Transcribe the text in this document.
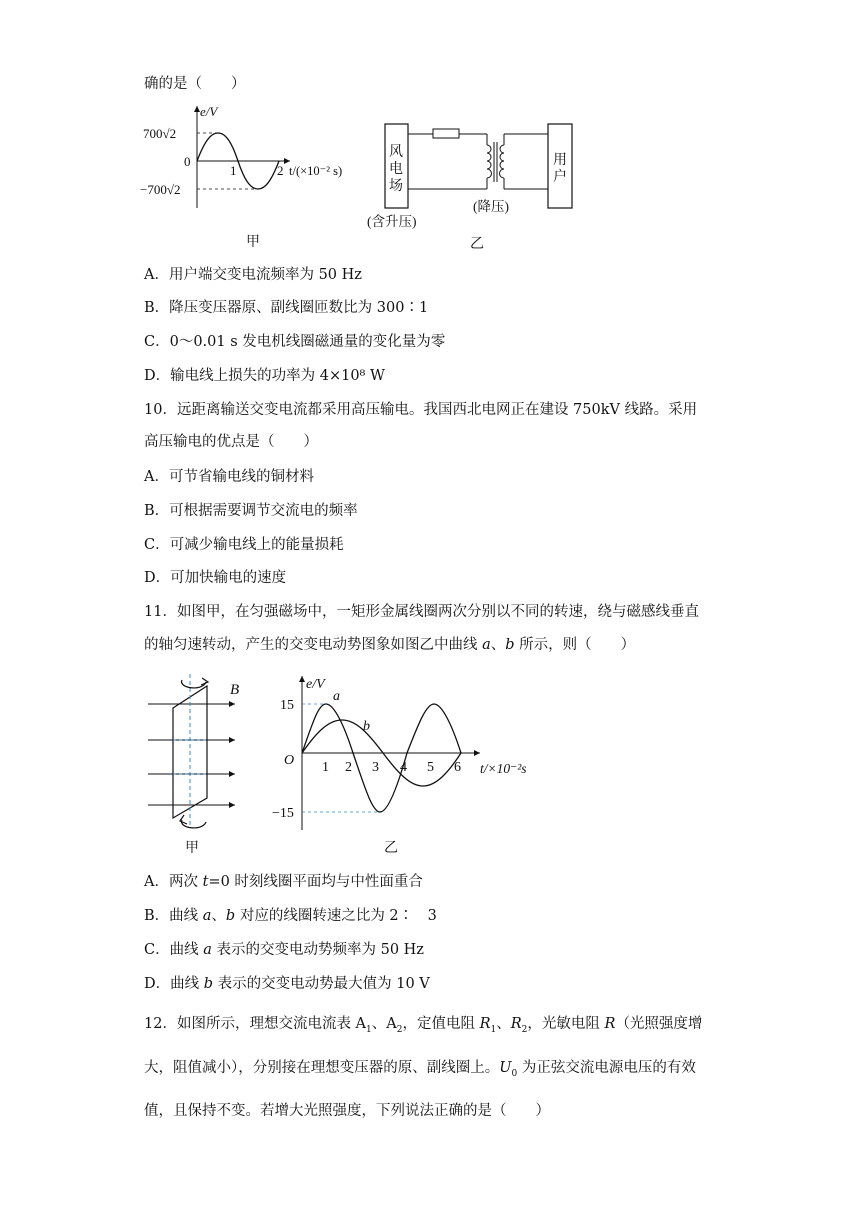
确的是（　　）
e/V
700√2
0
−700√2
1	2 t/(×10⁻² s)
甲
风
电
场
用
户
(含升压)
(降压)
乙
A．用户端交变电流频率为 50 Hz
B．降压变压器原、副线圈匝数比为 300∶1
C．0～0.01 s 发电机线圈磁通量的变化量为零
D．输电线上损失的功率为 4×10⁸ W
10．远距离输送交变电流都采用高压输电。我国西北电网正在建设 750kV 线路。采用
高压输电的优点是（　　）
A．可节省输电线的铜材料
B．可根据需要调节交流电的频率
C．可减少输电线上的能量损耗
D．可加快输电的速度
11．如图甲，在匀强磁场中，一矩形金属线圈两次分别以不同的转速，绕与磁感线垂直
的轴匀速转动，产生的交变电动势图象如图乙中曲线 a、b 所示，则（　　）
B
甲
e/V
15
−15
O 1 2 3 4 5 6 t/×10⁻²s
a
b
乙
A．两次 t=0 时刻线圈平面均与中性面重合
B．曲线 a、b 对应的线圈转速之比为 2∶　3
C．曲线 a 表示的交变电动势频率为 50 Hz
D．曲线 b 表示的交变电动势最大值为 10 V
12．如图所示，理想交流电流表 $A_1$、$A_2$，定值电阻 $R_1$、$R_2$，光敏电阻 R（光照强度增
大，阻值减小），分别接在理想变压器的原、副线圈上。$U_0$ 为正弦交流电源电压的有效
值，且保持不变。若增大光照强度，下列说法正确的是（　　）
